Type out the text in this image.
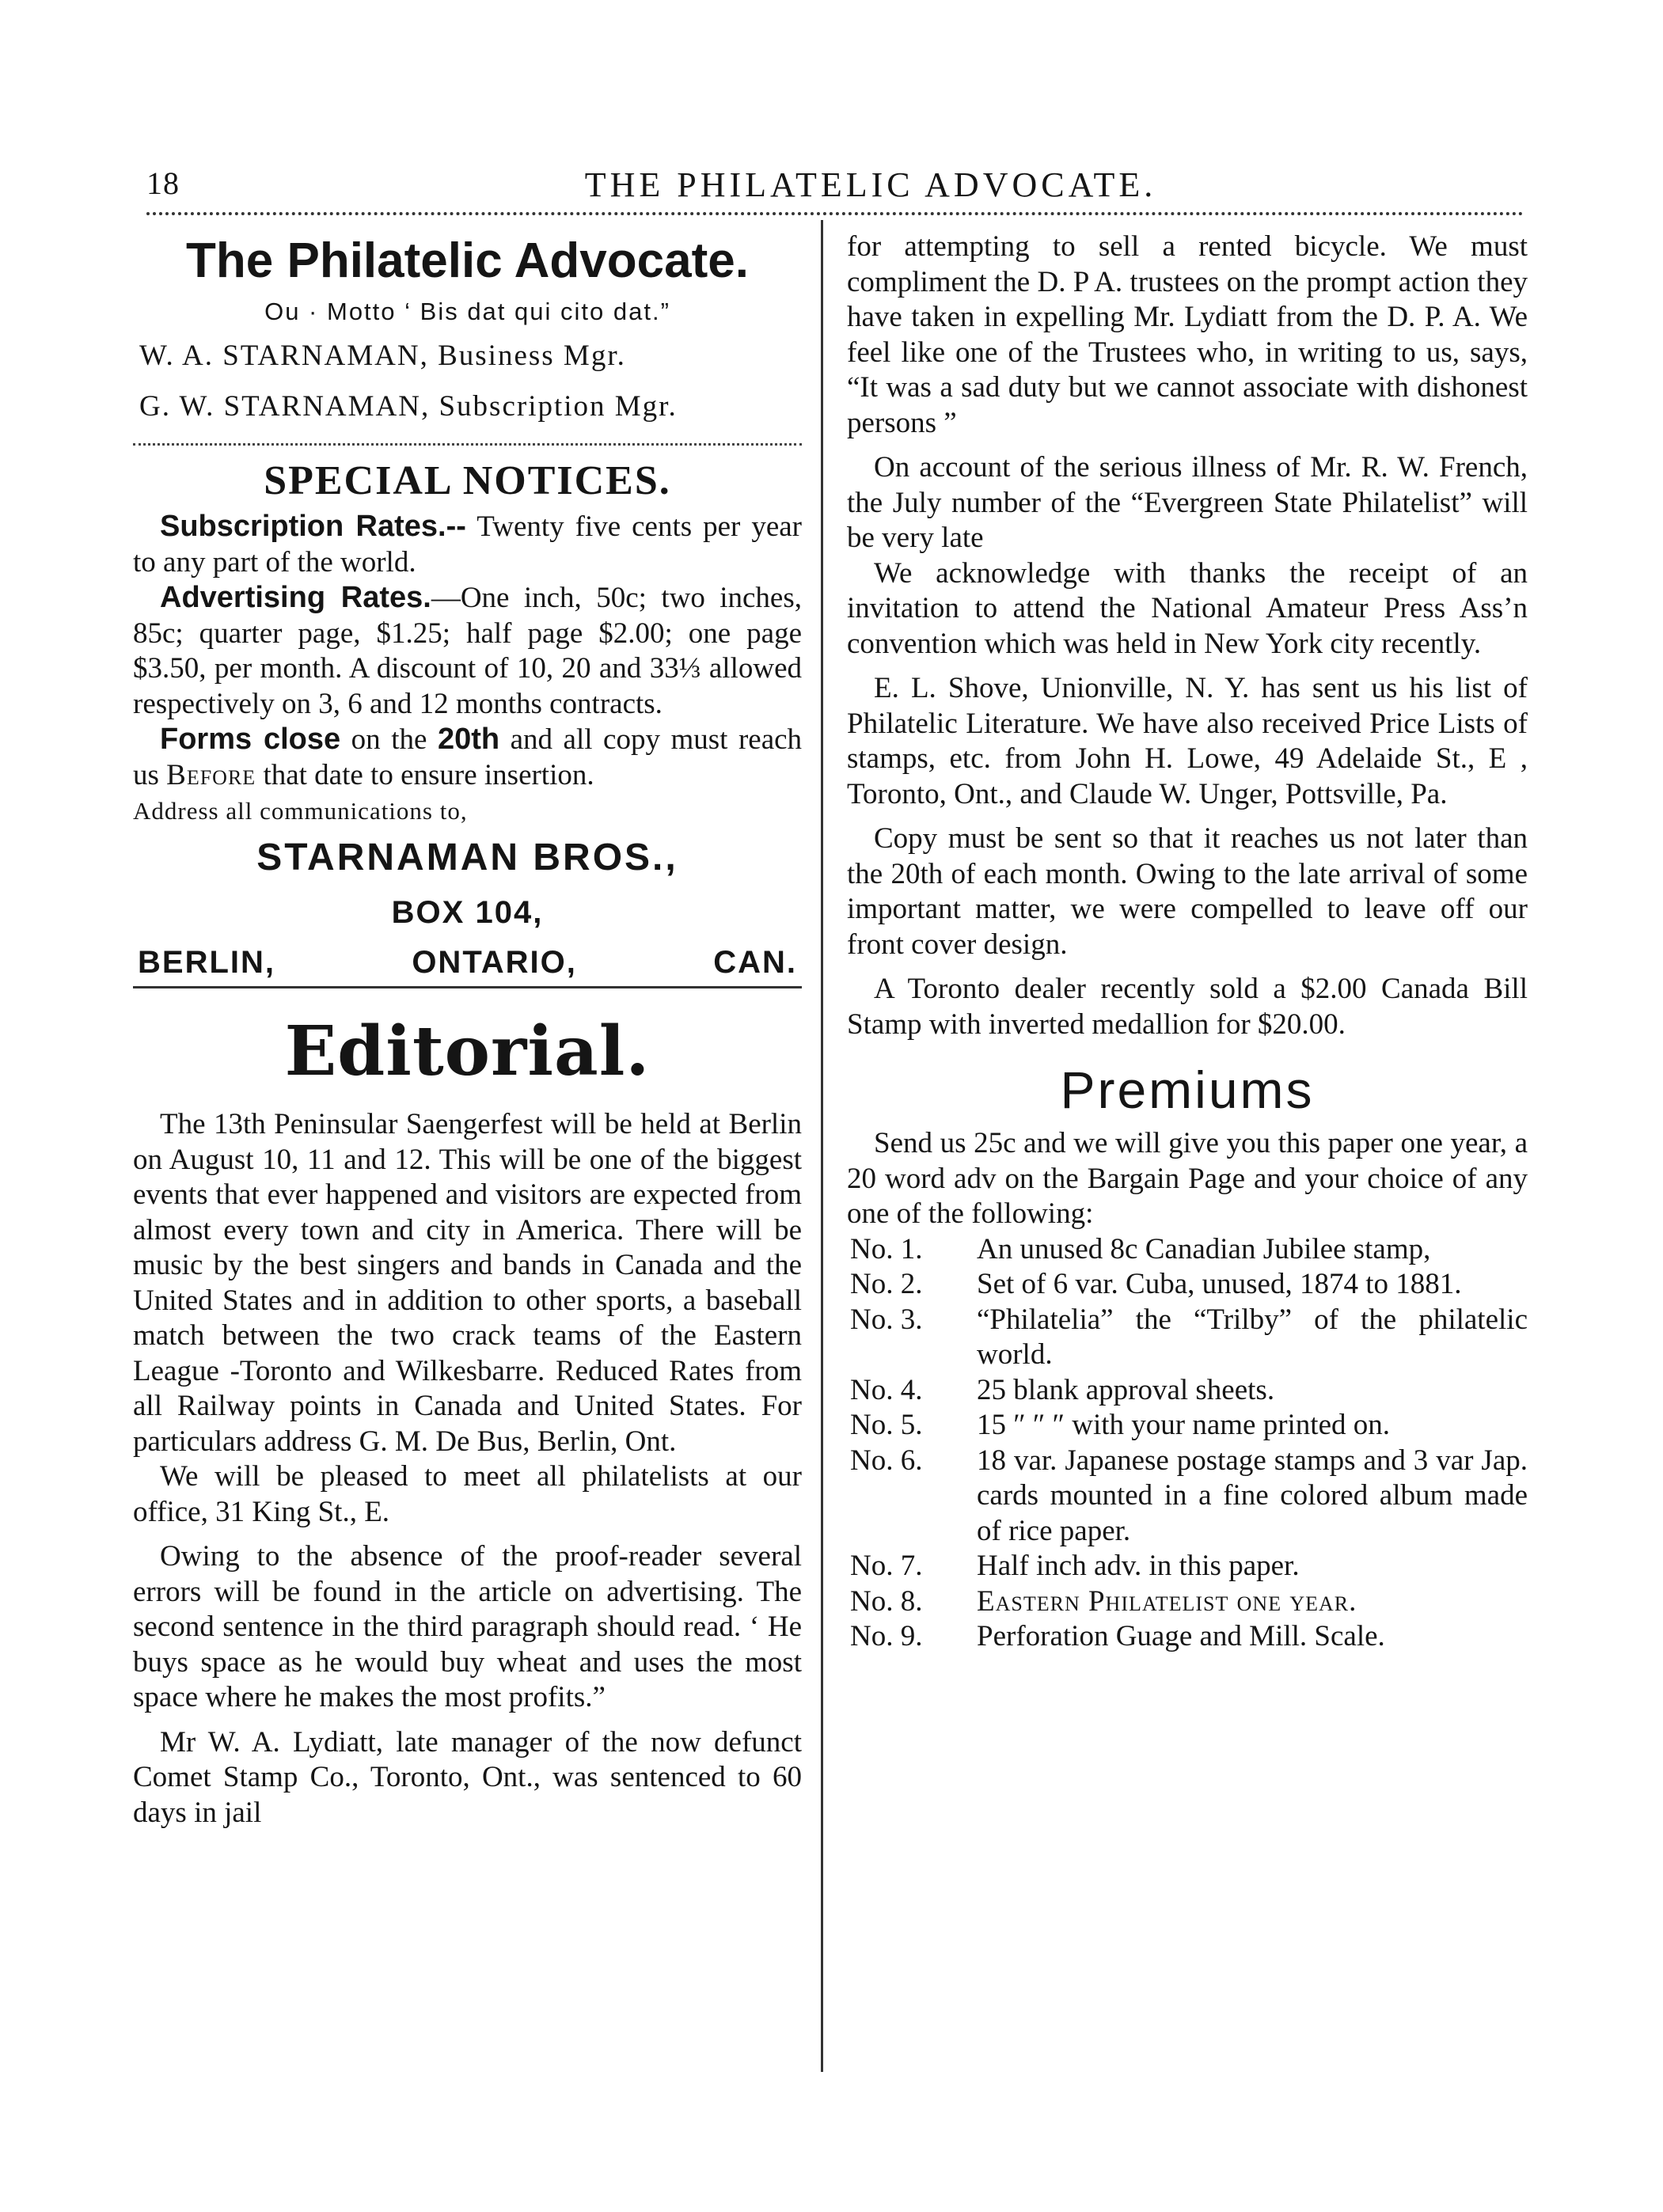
18	THE PHILATELIC ADVOCATE.
The Philatelic Advocate.
Ou · Motto ‘ Bis dat qui cito dat.”
W. A. STARNAMAN, Business Mgr.
G. W. STARNAMAN, Subscription Mgr.
SPECIAL NOTICES.

Subscription Rates.-- Twenty five cents per year to any part of the world.

Advertising Rates.—One inch, 50c; two inches, 85c; quarter page, $1.25; half page $2.00; one page $3.50, per month. A discount of 10, 20 and 33⅓ allowed respectively on 3, 6 and 12 months contracts.

Forms close on the 20th and all copy must reach us Before that date to ensure insertion.

Address all communications to,
STARNAMAN BROS.,
BOX 104,
BERLIN,	ONTARIO,	CAN.
Editorial.

The 13th Peninsular Saengerfest will be held at Berlin on August 10, 11 and 12. This will be one of the biggest events that ever happened and visitors are expected from almost every town and city in America. There will be music by the best singers and bands in Canada and the United States and in addition to other sports, a baseball match between the two crack teams of the Eastern League -Toronto and Wilkesbarre. Reduced Rates from all Railway points in Canada and United States. For particulars address G. M. De Bus, Berlin, Ont.

We will be pleased to meet all philatelists at our office, 31 King St., E.

Owing to the absence of the proof-reader several errors will be found in the article on advertising. The second sentence in the third paragraph should read. ‘ He buys space as he would buy wheat and uses the most space where he makes the most profits.”

Mr W. A. Lydiatt, late manager of the now defunct Comet Stamp Co., Toronto, Ont., was sentenced to 60 days in jail

for attempting to sell a rented bicycle. We must compliment the D. P A. trustees on the prompt action they have taken in expelling Mr. Lydiatt from the D. P. A. We feel like one of the Trustees who, in writing to us, says, “It was a sad duty but we cannot associate with dishonest persons ”

On account of the serious illness of Mr. R. W. French, the July number of the “Evergreen State Philatelist” will be very late

We acknowledge with thanks the receipt of an invitation to attend the National Amateur Press Ass’n convention which was held in New York city recently.

E. L. Shove, Unionville, N. Y. has sent us his list of Philatelic Literature. We have also received Price Lists of stamps, etc. from John H. Lowe, 49 Adelaide St., E , Toronto, Ont., and Claude W. Unger, Pottsville, Pa.

Copy must be sent so that it reaches us not later than the 20th of each month. Owing to the late arrival of some important matter, we were compelled to leave off our front cover design.

A Toronto dealer recently sold a $2.00 Canada Bill Stamp with inverted medallion for $20.00.

Premiums

Send us 25c and we will give you this paper one year, a 20 word adv on the Bargain Page and your choice of any one of the following:

No. 1.	An unused 8c Canadian Jubilee stamp,
No. 2.	Set of 6 var. Cuba, unused, 1874 to 1881.
No. 3.	“Philatelia” the “Trilby” of the philatelic world.
No. 4.	25 blank approval sheets.
No. 5.	15 ″ ″ ″ with your name printed on.
No. 6.	18 var. Japanese postage stamps and 3 var Jap. cards mounted in a fine colored album made of rice paper.
No. 7.	Half inch adv. in this paper.
No. 8.	Eastern Philatelist one year.
No. 9.	Perforation Guage and Mill. Scale.
